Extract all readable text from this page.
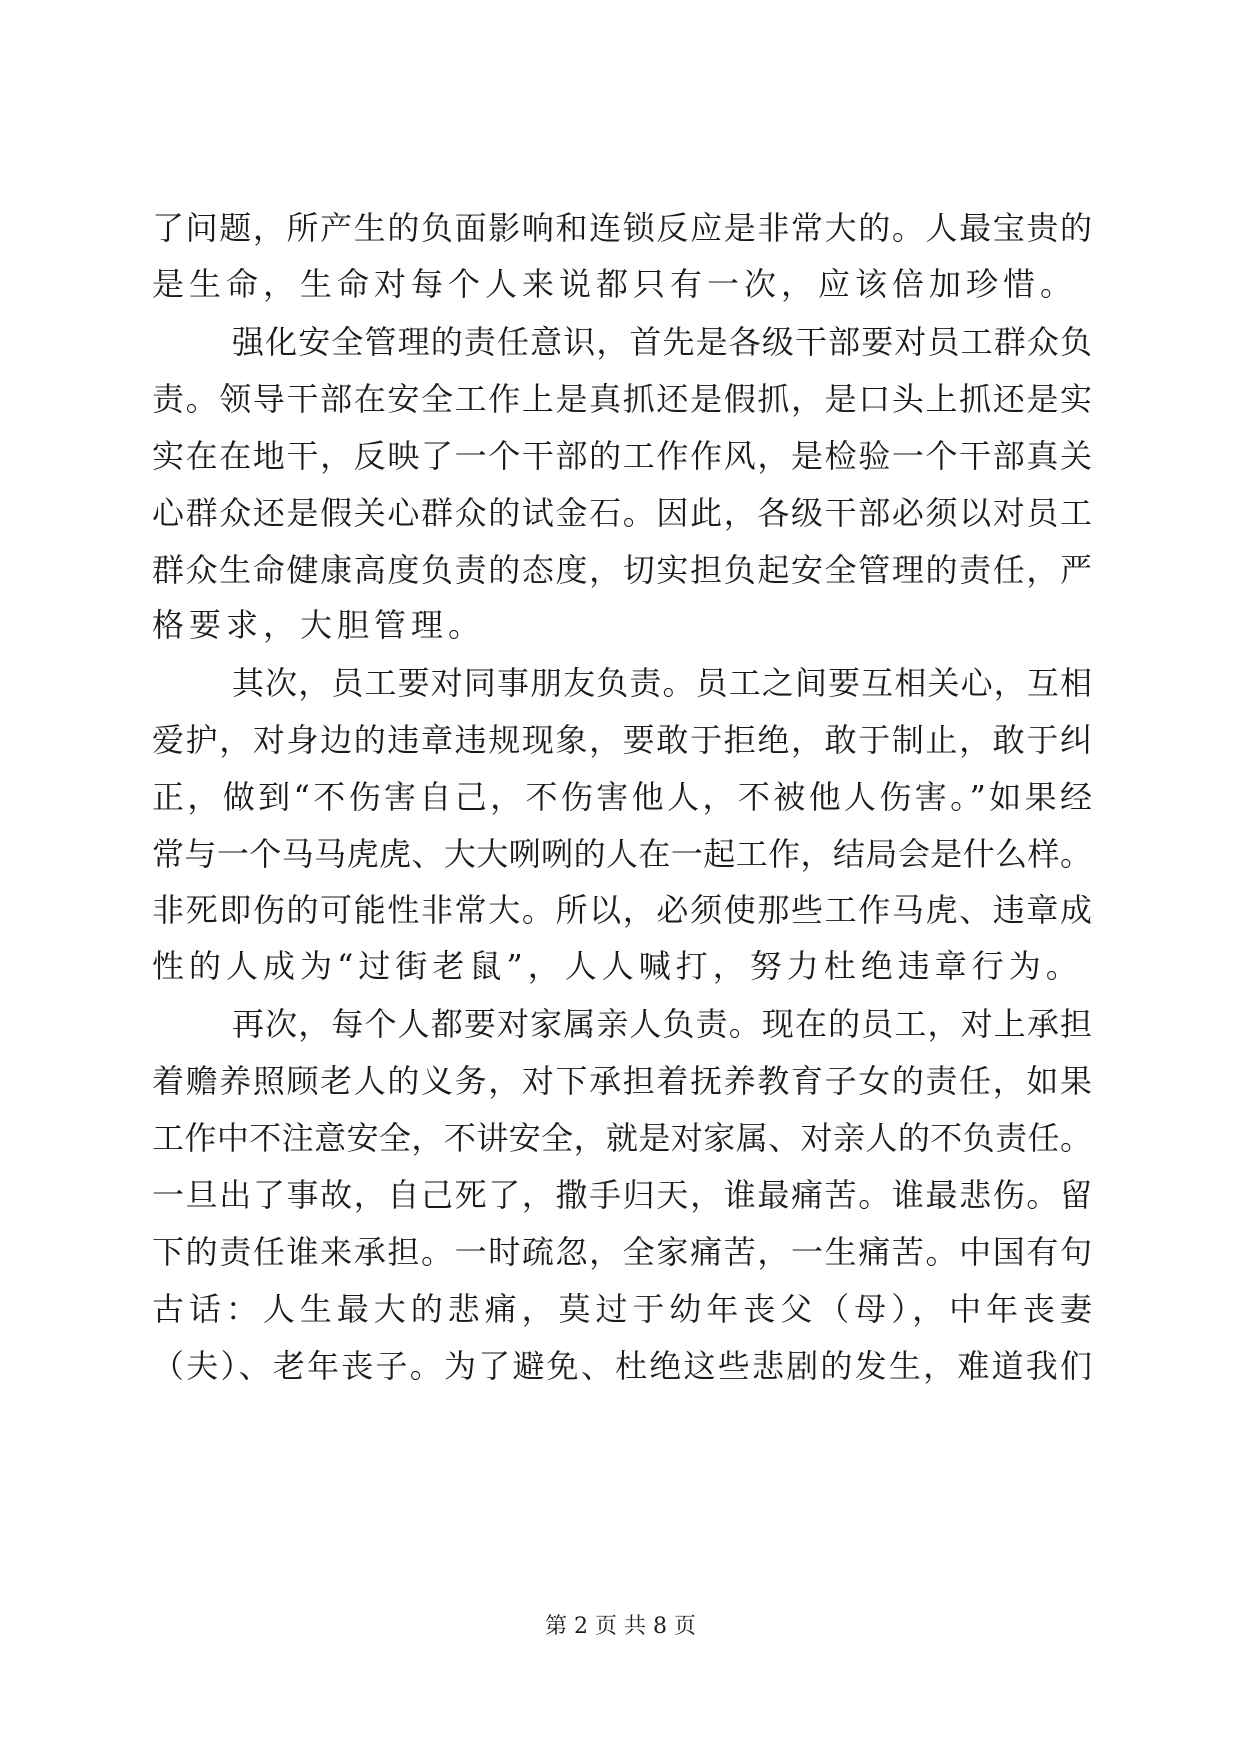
了问题，所产生的负面影响和连锁反应是非常大的。人最宝贵的
是生命，生命对每个人来说都只有一次，应该倍加珍惜。
强化安全管理的责任意识，首先是各级干部要对员工群众负
责。领导干部在安全工作上是真抓还是假抓，是口头上抓还是实
实在在地干，反映了一个干部的工作作风，是检验一个干部真关
心群众还是假关心群众的试金石。因此，各级干部必须以对员工
群众生命健康高度负责的态度，切实担负起安全管理的责任，严
格要求，大胆管理。
其次，员工要对同事朋友负责。员工之间要互相关心，互相
爱护，对身边的违章违规现象，要敢于拒绝，敢于制止，敢于纠
正，做到“不伤害自己，不伤害他人，不被他人伤害。”如果经
常与一个马马虎虎、大大咧咧的人在一起工作，结局会是什么样。
非死即伤的可能性非常大。所以，必须使那些工作马虎、违章成
性的人成为“过街老鼠”，人人喊打，努力杜绝违章行为。
再次，每个人都要对家属亲人负责。现在的员工，对上承担
着赡养照顾老人的义务，对下承担着抚养教育子女的责任，如果
工作中不注意安全，不讲安全，就是对家属、对亲人的不负责任。
一旦出了事故，自己死了，撒手归天，谁最痛苦。谁最悲伤。留
下的责任谁来承担。一时疏忽，全家痛苦，一生痛苦。中国有句
古话：人生最大的悲痛，莫过于幼年丧父（母），中年丧妻
（夫）、老年丧子。为了避免、杜绝这些悲剧的发生，难道我们
第 2 页 共 8 页
